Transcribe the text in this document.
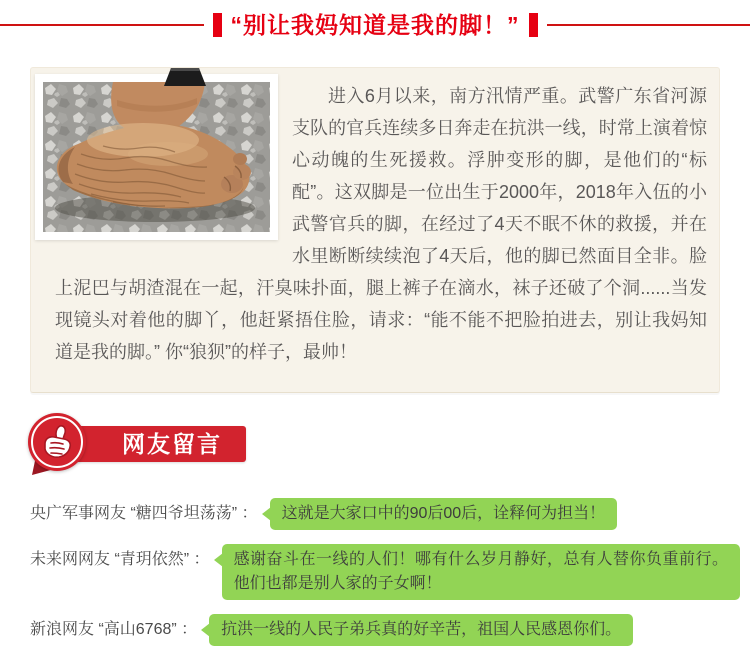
“别让我妈知道是我的脚！”

进入6月以来，南方汛情严重。武警广东省河源支队的官兵连续多日奔走在抗洪一线，时常上演着惊心动魄的生死援救。浮肿变形的脚，是他们的“标配”。这双脚是一位出生于2000年，2018年入伍的小武警官兵的脚，在经过了4天不眠不休的救援，并在水里断断续续泡了4天后，他的脚已然面目全非。脸上泥巴与胡渣混在一起，汗臭味扑面，腿上裤子在滴水，袜子还破了个洞......当发现镜头对着他的脚丫，他赶紧捂住脸，请求：“能不能不把脸拍进去，别让我妈知道是我的脚。” 你“狼狈”的样子，最帅！

网友留言
央广军事网友 “糖四爷坦荡荡” ：	这就是大家口中的90后00后，诠释何为担当！
未来网网友 “青玥依然” ：	感谢奋斗在一线的人们！哪有什么岁月静好，总有人替你负重前行。他们也都是别人家的子女啊！
新浪网友 “高山6768” ：	抗洪一线的人民子弟兵真的好辛苦，祖国人民感恩你们。
